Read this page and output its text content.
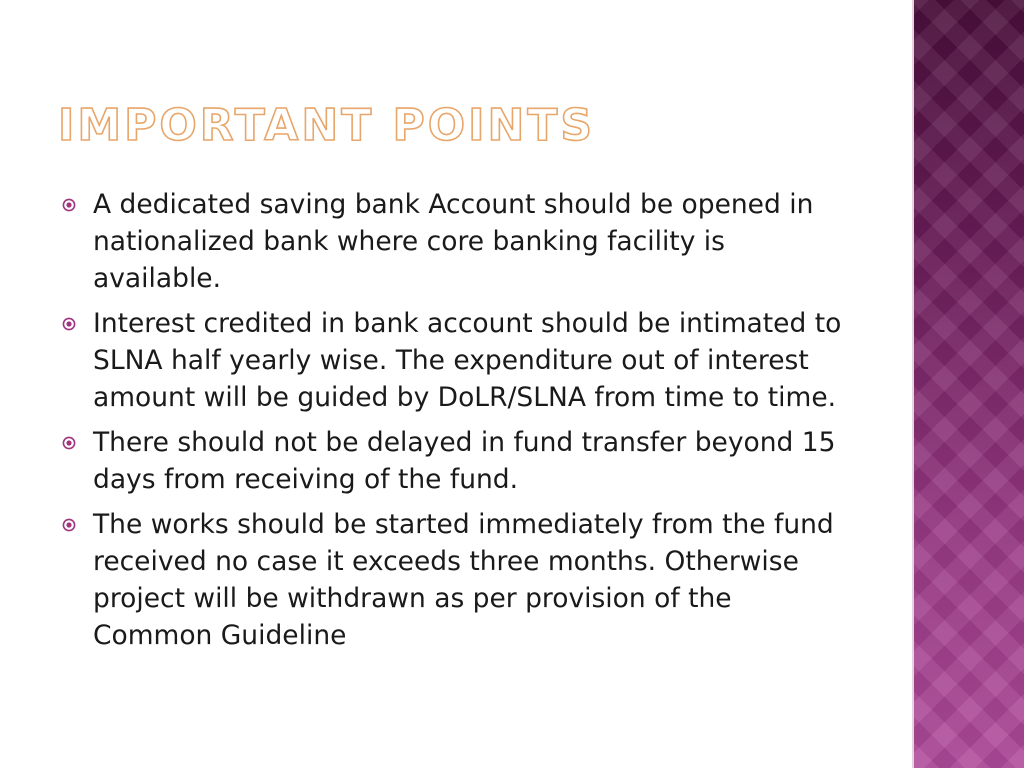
IMPORTANT POINTS
A dedicated saving bank Account should be opened in nationalized bank where core banking facility is available.
Interest credited in bank account should be intimated to SLNA half yearly wise. The expenditure out of interest amount will be guided by DoLR/SLNA from time to time.
There should not be delayed in fund transfer beyond 15 days from receiving of the fund.
The works should be started immediately from the fund received no case it exceeds three months. Otherwise project will be withdrawn as per provision of the Common Guideline
